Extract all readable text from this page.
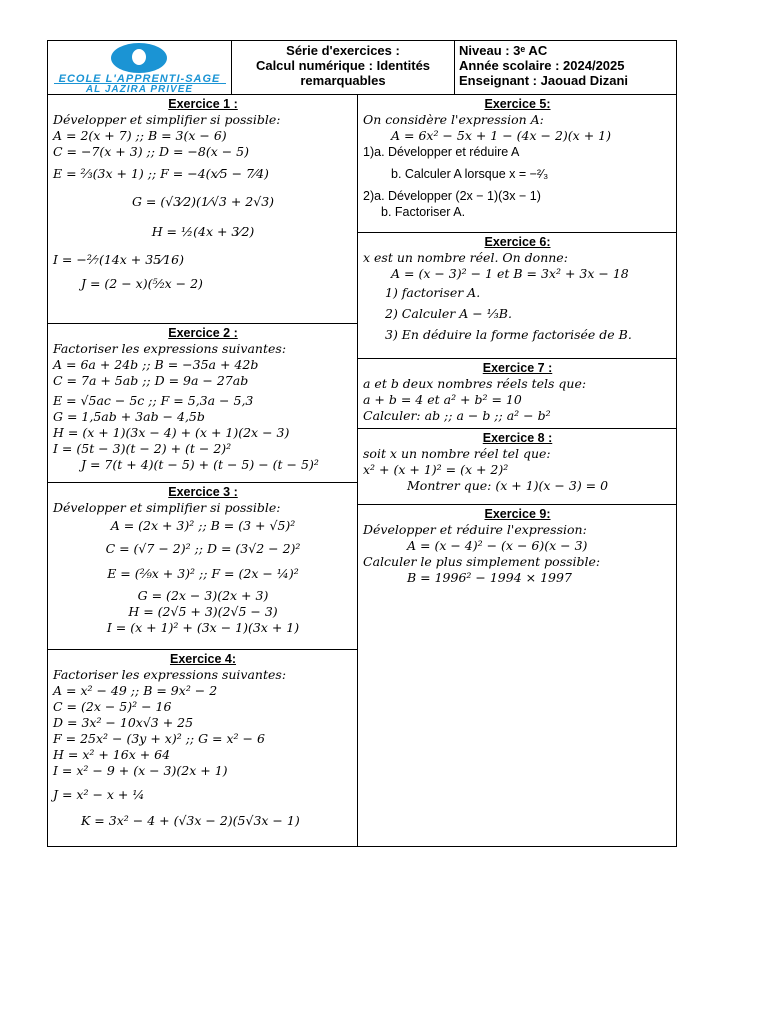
ECOLE L'APPRENTI-SAGE
AL JAZIRA PRIVEE
Série d'exercices :
Calcul numérique : Identités
remarquables
Niveau : 3ᵉ AC
Année scolaire : 2024/2025
Enseignant : Jaouad Dizani
Exercice 1 :
Développer et simplifier si possible:
A = 2(x + 7) ;; B = 3(x − 6)
C = −7(x + 3) ;; D = −8(x − 5)
E = ²⁄₃(3x + 1) ;; F = −4(x⁄5 − 7⁄4)
G = (√3⁄2)(1⁄√3 + 2√3)
H = ½(4x + 3⁄2)
I = −²⁄₇(14x + 35⁄16)
J = (2 − x)(⁵⁄₂x − 2)
Exercice 2 :
Factoriser les expressions suivantes:
A = 6a + 24b ;; B = −35a + 42b
C = 7a + 5ab ;; D = 9a − 27ab
E = √5ac − 5c ;; F = 5,3a − 5,3
G = 1,5ab + 3ab − 4,5b
H = (x + 1)(3x − 4) + (x + 1)(2x − 3)
I = (5t − 3)(t − 2) + (t − 2)²
J = 7(t + 4)(t − 5) + (t − 5) − (t − 5)²
Exercice 3 :
Développer et simplifier si possible:
A = (2x + 3)² ;; B = (3 + √5)²
C = (√7 − 2)² ;; D = (3√2 − 2)²
E = (²⁄₉x + 3)² ;; F = (2x − ¼)²
G = (2x − 3)(2x + 3)
H = (2√5 + 3)(2√5 − 3)
I = (x + 1)² + (3x − 1)(3x + 1)
Exercice 4:
Factoriser les expressions suivantes:
A = x² − 49 ;; B = 9x² − 2
C = (2x − 5)² − 16
D = 3x² − 10x√3 + 25
F = 25x² − (3y + x)² ;; G = x² − 6
H = x² + 16x + 64
I = x² − 9 + (x − 3)(2x + 1)
J = x² − x + ¼
K = 3x² − 4 + (√3x − 2)(5√3x − 1)
Exercice 5:
On considère l'expression A:
A = 6x² − 5x + 1 − (4x − 2)(x + 1)
1)a. Développer et réduire A
b. Calculer A lorsque x = −²⁄₃
2)a. Développer (2x − 1)(3x − 1)
b. Factoriser A.
Exercice 6:
x est un nombre réel. On donne:
A = (x − 3)² − 1 et B = 3x² + 3x − 18
1) factoriser A.
2) Calculer A − ⅓B.
3) En déduire la forme factorisée de B.
Exercice 7 :
a et b deux nombres réels tels que:
a + b = 4 et a² + b² = 10
Calculer: ab ;; a − b ;; a² − b²
Exercice 8 :
soit x un nombre réel tel que:
x² + (x + 1)² = (x + 2)²
Montrer que: (x + 1)(x − 3) = 0
Exercice 9:
Développer et réduire l'expression:
A = (x − 4)² − (x − 6)(x − 3)
Calculer le plus simplement possible:
B = 1996² − 1994 × 1997
